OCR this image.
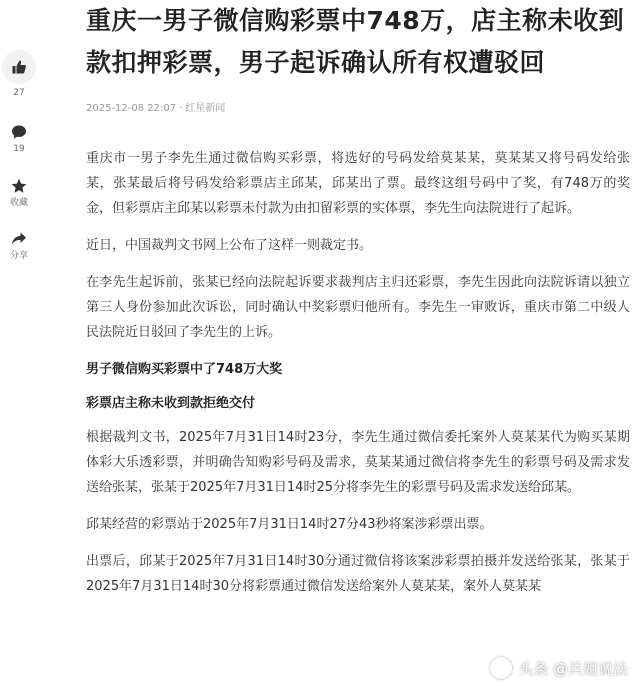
27
19
收藏
分享
重庆一男子微信购彩票中748万，店主称未收到款扣押彩票，男子起诉确认所有权遭驳回
2025-12-08 22:07 · 红星新闻

重庆市一男子李先生通过微信购买彩票，将选好的号码发给莫某某，莫某某又将号码发给张某，张某最后将号码发给彩票店主邱某，邱某出了票。最终这组号码中了奖，有748万的奖金，但彩票店主邱某以彩票未付款为由扣留彩票的实体票，李先生向法院进行了起诉。

近日，中国裁判文书网上公布了这样一则裁定书。

在李先生起诉前，张某已经向法院起诉要求裁判店主归还彩票，李先生因此向法院诉请以独立第三人身份参加此次诉讼，同时确认中奖彩票归他所有。李先生一审败诉，重庆市第二中级人民法院近日驳回了李先生的上诉。

男子微信购买彩票中了748万大奖

彩票店主称未收到款拒绝交付

根据裁判文书，2025年7月31日14时23分，李先生通过微信委托案外人莫某某代为购买某期体彩大乐透彩票，并明确告知购彩号码及需求，莫某某通过微信将李先生的彩票号码及需求发送给张某，张某于2025年7月31日14时25分将李先生的彩票号码及需求发送给邱某。

邱某经营的彩票站于2025年7月31日14时27分43秒将案涉彩票出票。

出票后，邱某于2025年7月31日14时30分通过微信将该案涉彩票拍摄并发送给张某，张某于2025年7月31日14时30分将彩票通过微信发送给案外人莫某某，案外人莫某某

头条 @兵姐说法
